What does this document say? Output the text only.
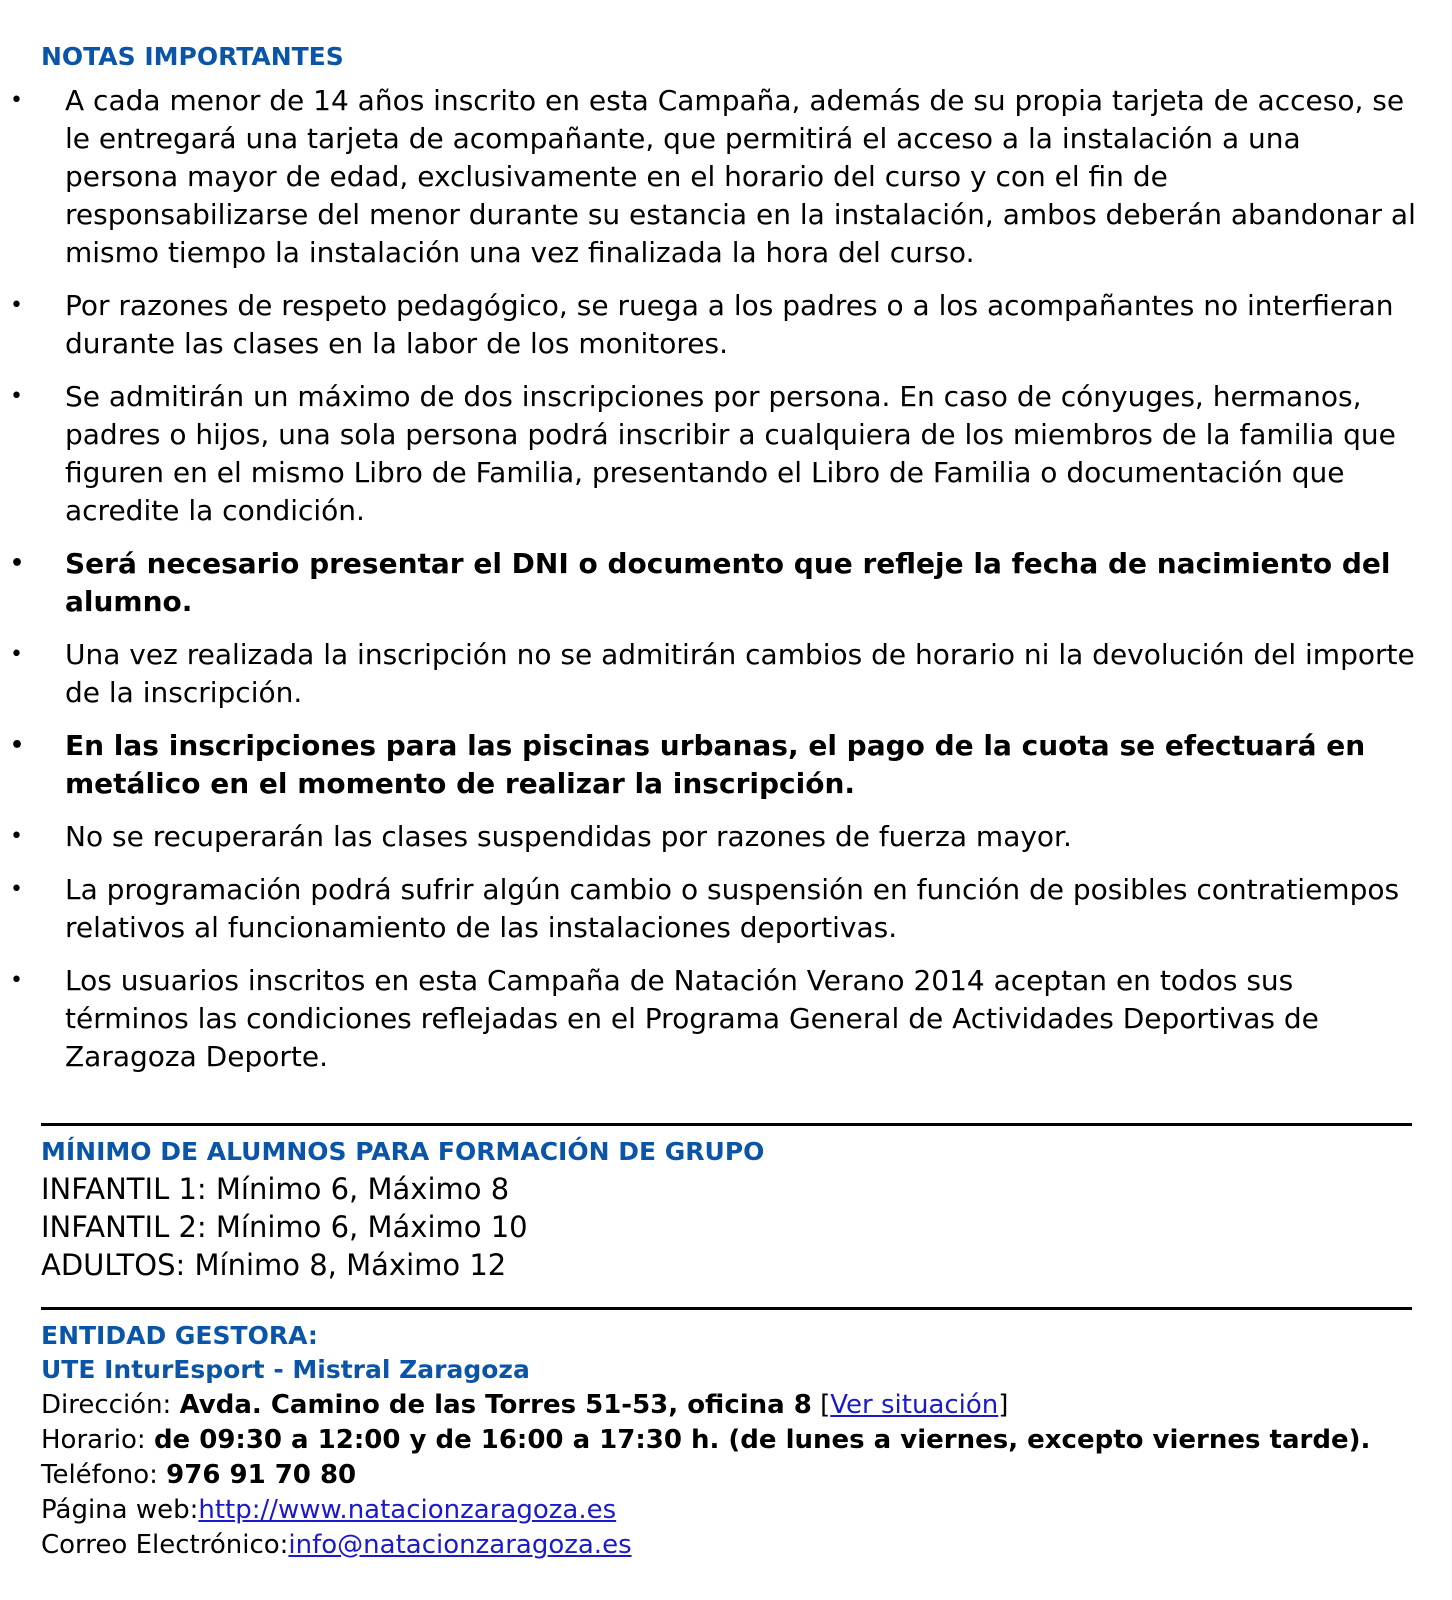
NOTAS IMPORTANTES
• A cada menor de 14 años inscrito en esta Campaña, además de su propia tarjeta de acceso, se le entregará una tarjeta de acompañante, que permitirá el acceso a la instalación a una persona mayor de edad, exclusivamente en el horario del curso y con el fin de responsabilizarse del menor durante su estancia en la instalación, ambos deberán abandonar al mismo tiempo la instalación una vez finalizada la hora del curso.
• Por razones de respeto pedagógico, se ruega a los padres o a los acompañantes no interfieran durante las clases en la labor de los monitores.
• Se admitirán un máximo de dos inscripciones por persona. En caso de cónyuges, hermanos, padres o hijos, una sola persona podrá inscribir a cualquiera de los miembros de la familia que figuren en el mismo Libro de Familia, presentando el Libro de Familia o documentación que acredite la condición.
• Será necesario presentar el DNI o documento que refleje la fecha de nacimiento del alumno.
• Una vez realizada la inscripción no se admitirán cambios de horario ni la devolución del importe de la inscripción.
• En las inscripciones para las piscinas urbanas, el pago de la cuota se efectuará en metálico en el momento de realizar la inscripción.
• No se recuperarán las clases suspendidas por razones de fuerza mayor.
• La programación podrá sufrir algún cambio o suspensión en función de posibles contratiempos relativos al funcionamiento de las instalaciones deportivas.
• Los usuarios inscritos en esta Campaña de Natación Verano 2014 aceptan en todos sus términos las condiciones reflejadas en el Programa General de Actividades Deportivas de Zaragoza Deporte.
MÍNIMO DE ALUMNOS PARA FORMACIÓN DE GRUPO
INFANTIL 1: Mínimo 6, Máximo 8
INFANTIL 2: Mínimo 6, Máximo 10
ADULTOS: Mínimo 8, Máximo 12
ENTIDAD GESTORA:
UTE InturEsport - Mistral Zaragoza
Dirección: Avda. Camino de las Torres 51-53, oficina 8 [Ver situación]
Horario: de 09:30 a 12:00 y de 16:00 a 17:30 h. (de lunes a viernes, excepto viernes tarde).
Teléfono: 976 91 70 80
Página web:http://www.natacionzaragoza.es
Correo Electrónico:info@natacionzaragoza.es
